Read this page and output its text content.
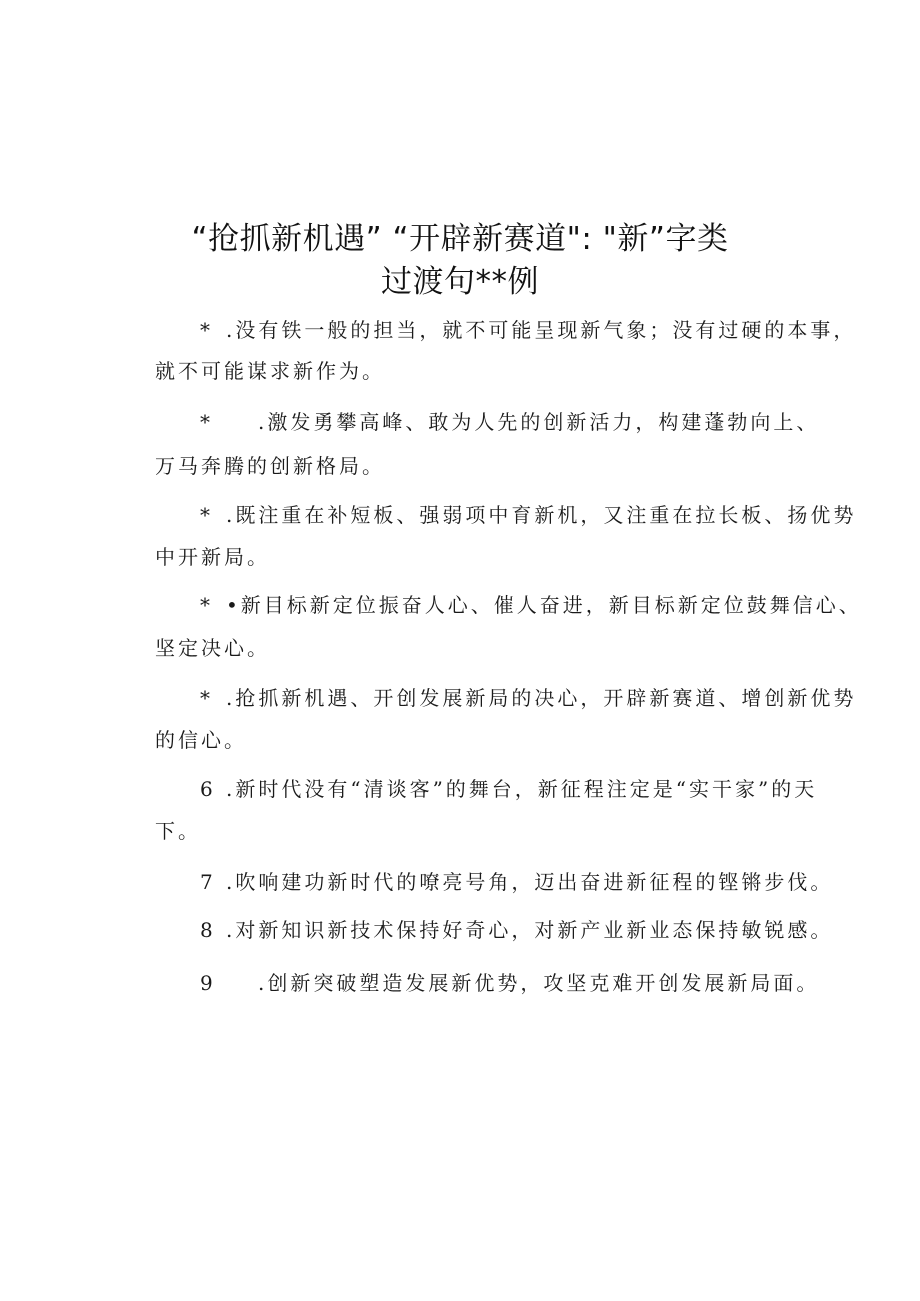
“抢抓新机遇” “开辟新赛道": "新”字类
过渡句**例
* .没有铁一般的担当，就不可能呈现新气象；没有过硬的本事，
就不可能谋求新作为。
* .激发勇攀高峰、敢为人先的创新活力，构建蓬勃向上、
万马奔腾的创新格局。
* .既注重在补短板、强弱项中育新机，又注重在拉长板、扬优势
中开新局。
* •新目标新定位振奋人心、催人奋进，新目标新定位鼓舞信心、
坚定决心。
* .抢抓新机遇、开创发展新局的决心，开辟新赛道、增创新优势
的信心。
6 .新时代没有“清谈客”的舞台，新征程注定是“实干家”的天
下。
7 .吹响建功新时代的嘹亮号角，迈出奋进新征程的铿锵步伐。
8 .对新知识新技术保持好奇心，对新产业新业态保持敏锐感。
9 .创新突破塑造发展新优势，攻坚克难开创发展新局面。
